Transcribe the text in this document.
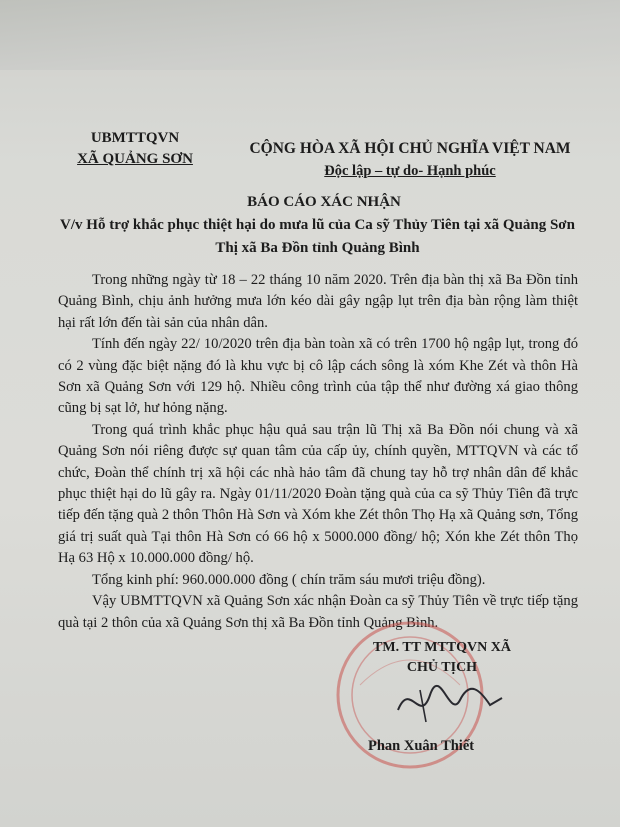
UBMTTQVN
XÃ QUẢNG SƠN
CỘNG HÒA XÃ HỘI CHỦ NGHĨA VIỆT NAM
Độc lập – tự do- Hạnh phúc
BÁO CÁO XÁC NHẬN
V/v Hỗ trợ khắc phục thiệt hại do mưa lũ của Ca sỹ Thủy Tiên tại xã Quảng Sơn
Thị xã Ba Đồn tỉnh Quảng Bình

Trong những ngày từ 18 – 22 tháng 10 năm 2020. Trên địa bàn thị xã Ba Đồn tỉnh Quảng Bình, chịu ảnh hưởng mưa lớn kéo dài gây ngập lụt trên địa bàn rộng làm thiệt hại rất lớn đến tài sản của nhân dân.

Tính đến ngày 22/ 10/2020 trên địa bàn toàn xã có trên 1700 hộ ngập lụt, trong đó có 2 vùng đặc biệt nặng đó là khu vực bị cô lập cách sông là xóm Khe Zét và thôn Hà Sơn xã Quảng Sơn với 129 hộ. Nhiều công trình của tập thể như đường xá giao thông cũng bị sạt lở, hư hỏng nặng.

Trong quá trình khắc phục hậu quả sau trận lũ Thị xã Ba Đồn nói chung và xã Quảng Sơn nói riêng được sự quan tâm của cấp ủy, chính quyền, MTTQVN và các tổ chức, Đoàn thể chính trị xã hội các nhà hảo tâm đã chung tay hỗ trợ nhân dân để khắc phục thiệt hại do lũ gây ra. Ngày 01/11/2020 Đoàn tặng quà của ca sỹ Thủy Tiên đã trực tiếp đến tặng quà 2 thôn Thôn Hà Sơn và Xóm khe Zét thôn Thọ Hạ xã Quảng sơn, Tổng giá trị suất quà Tại thôn Hà Sơn có 66 hộ x 5000.000 đồng/ hộ; Xón khe Zét thôn Thọ Hạ 63 Hộ x 10.000.000 đồng/ hộ.

Tổng kinh phí: 960.000.000 đồng ( chín trăm sáu mươi triệu đồng).

Vậy UBMTTQVN xã Quảng Sơn xác nhận Đoàn ca sỹ Thủy Tiên về trực tiếp tặng quà tại 2 thôn của xã Quảng Sơn thị xã Ba Đồn tỉnh Quảng Bình.

TM. TT MTTQVN XÃ
CHỦ TỊCH
Phan Xuân Thiết
